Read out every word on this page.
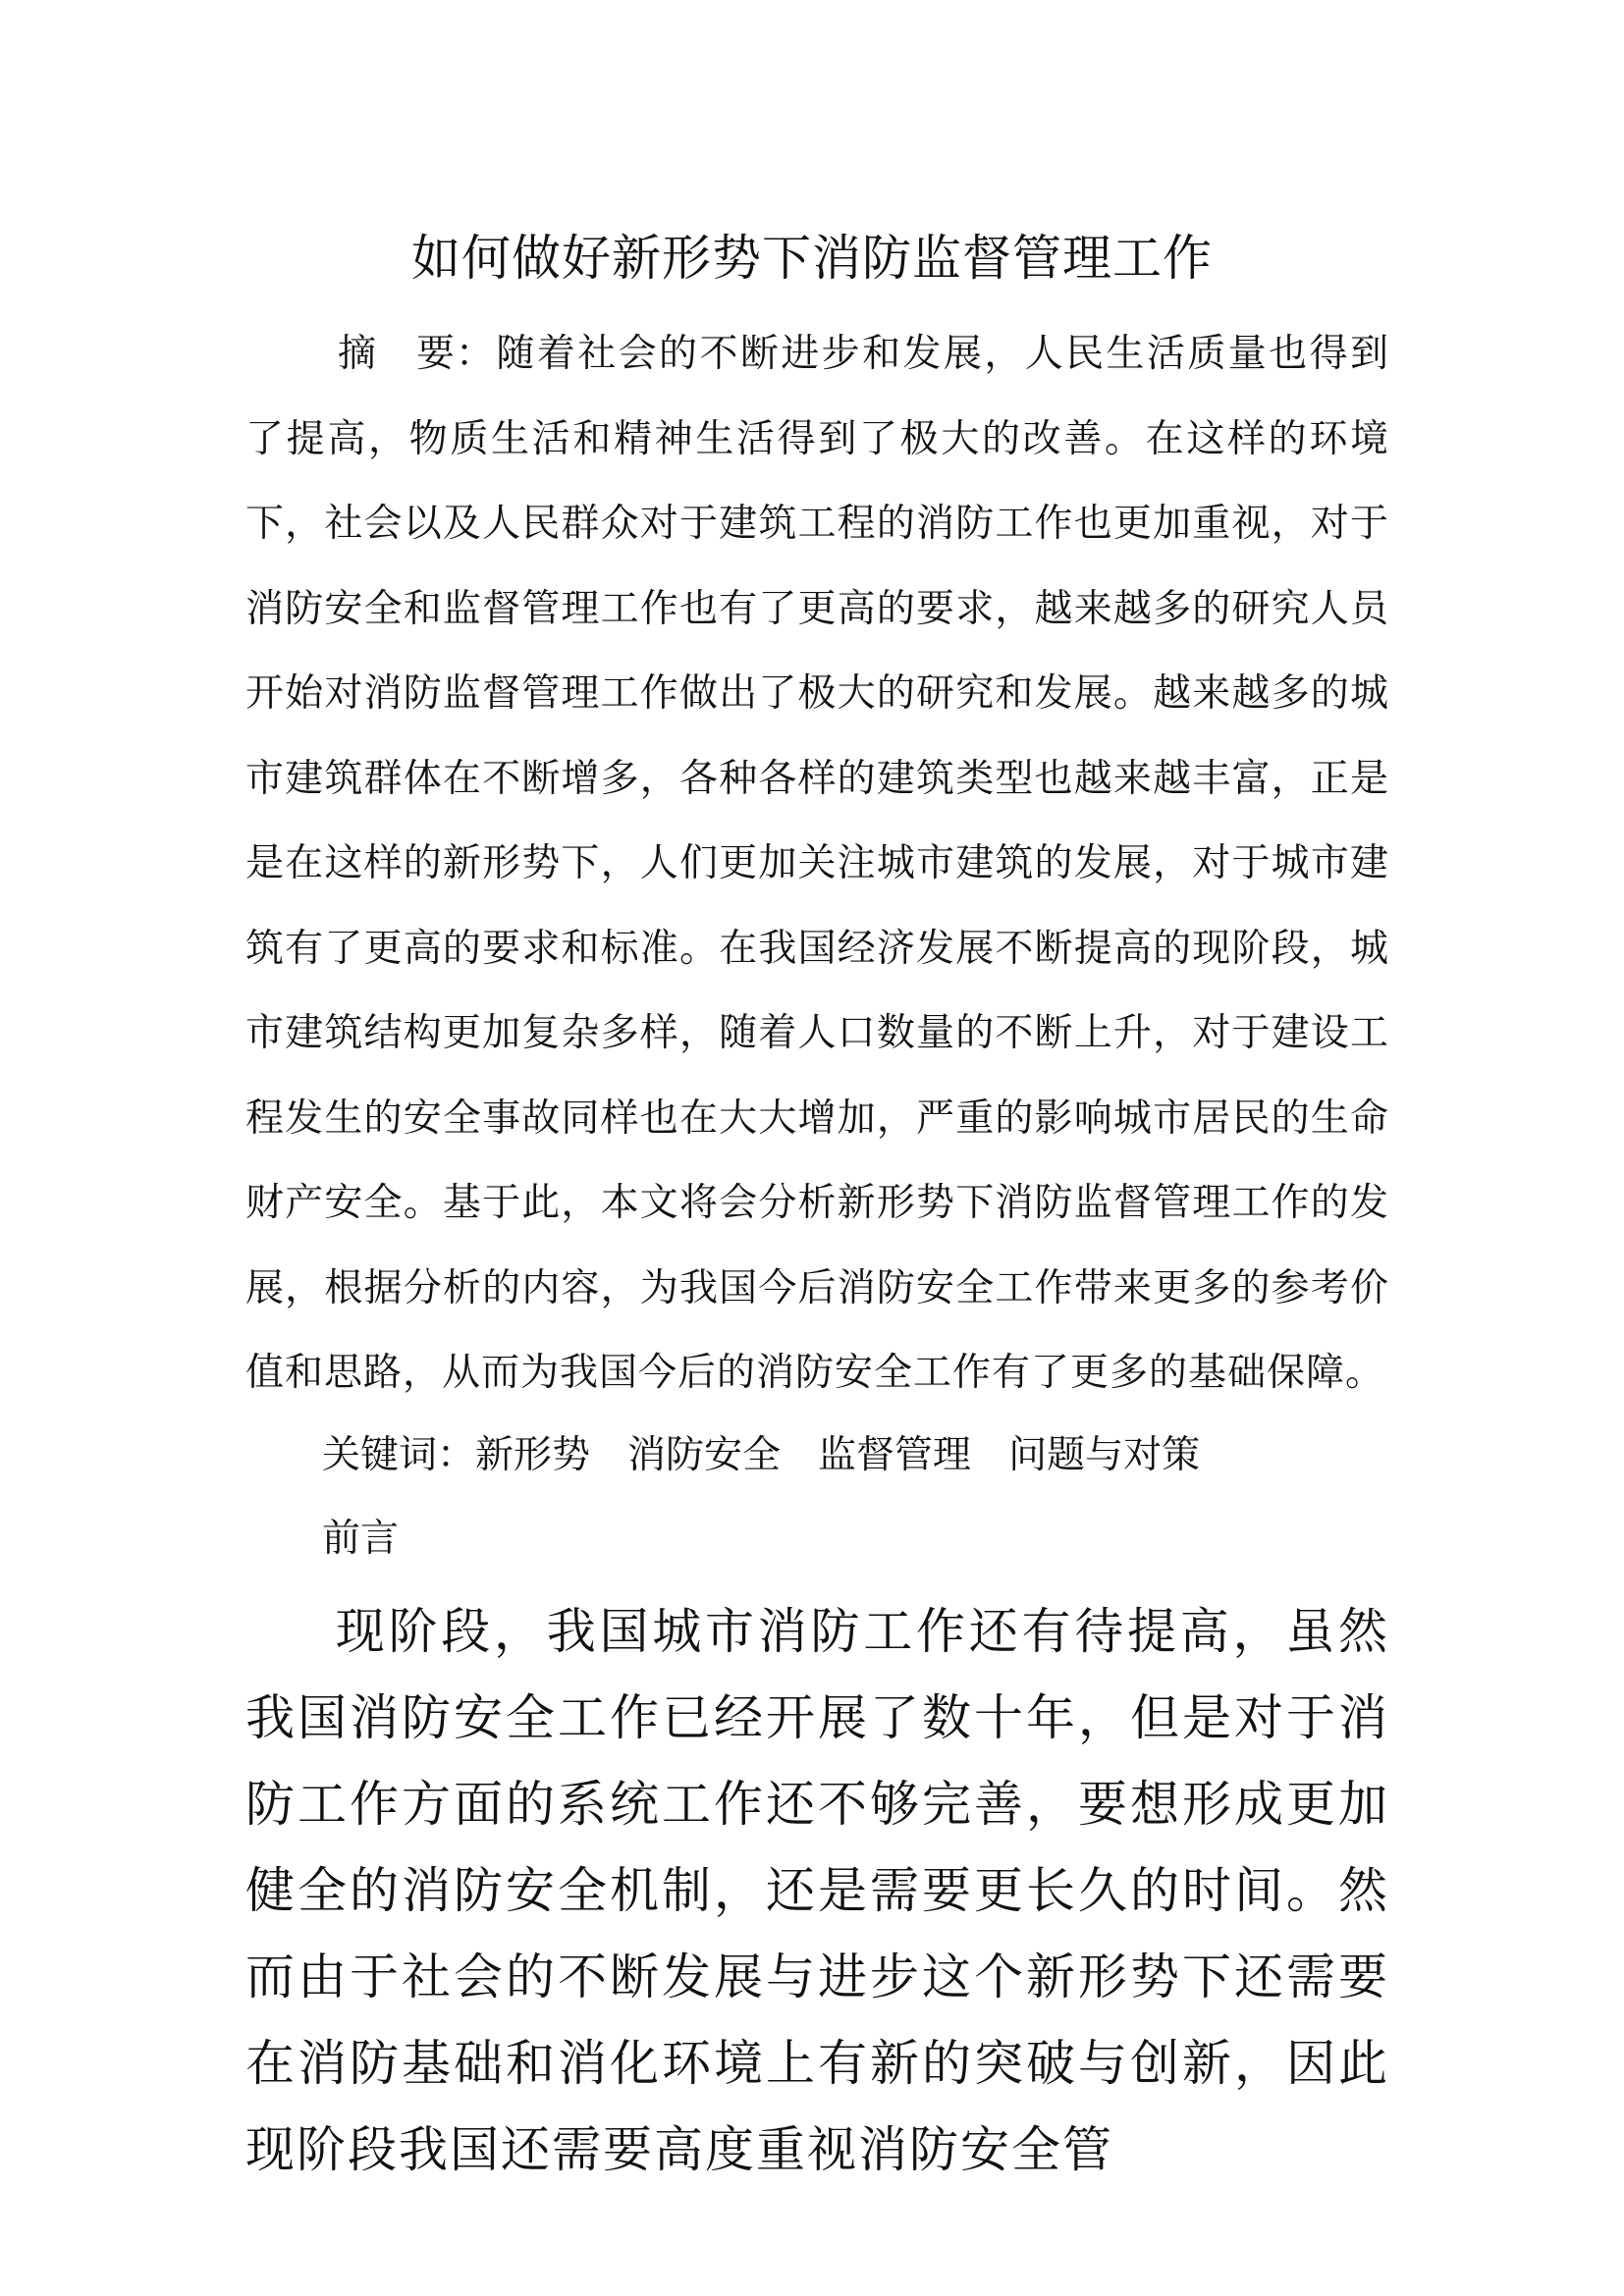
如何做好新形势下消防监督管理工作

摘　要：随着社会的不断进步和发展，人民生活质量也得到了提高，物质生活和精神生活得到了极大的改善。在这样的环境下，社会以及人民群众对于建筑工程的消防工作也更加重视，对于消防安全和监督管理工作也有了更高的要求，越来越多的研究人员开始对消防监督管理工作做出了极大的研究和发展。越来越多的城市建筑群体在不断增多，各种各样的建筑类型也越来越丰富，正是是在这样的新形势下，人们更加关注城市建筑的发展，对于城市建筑有了更高的要求和标准。在我国经济发展不断提高的现阶段，城市建筑结构更加复杂多样，随着人口数量的不断上升，对于建设工程发生的安全事故同样也在大大增加，严重的影响城市居民的生命财产安全。基于此，本文将会分析新形势下消防监督管理工作的发展，根据分析的内容，为我国今后消防安全工作带来更多的参考价值和思路，从而为我国今后的消防安全工作有了更多的基础保障。

关键词：新形势 消防安全 监督管理 问题与对策

前言

现阶段，我国城市消防工作还有待提高，虽然我国消防安全工作已经开展了数十年，但是对于消防工作方面的系统工作还不够完善，要想形成更加健全的消防安全机制，还是需要更长久的时间。然而由于社会的不断发展与进步这个新形势下还需要在消防基础和消化环境上有新的突破与创新，因此现阶段我国还需要高度重视消防安全管
